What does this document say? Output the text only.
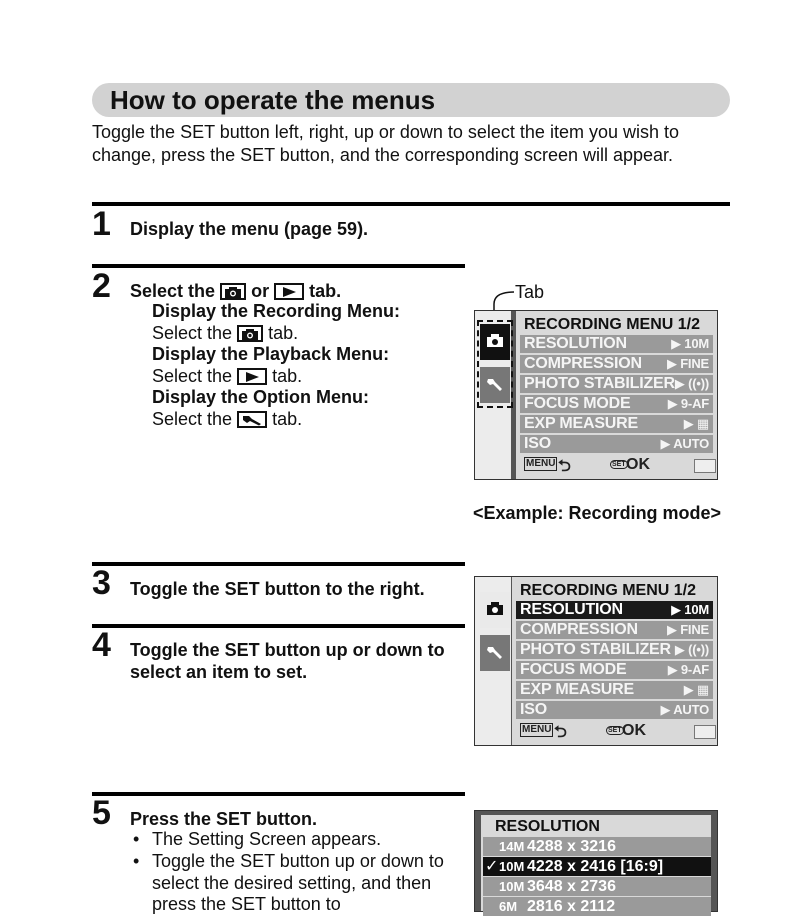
How to operate the menus
Toggle the SET button left, right, up or down to select the item you wish to change, press the SET button, and the corresponding screen will appear.
1 Display the menu (page 59).
2 Select the or tab.
Display the Recording Menu:
Select the tab.
Display the Playback Menu:
Select the tab.
Display the Option Menu:
Select the tab.
Tab
RECORDING MENU 1/2
RESOLUTION	▶ 10M
COMPRESSION ▶ FINE
PHOTO STABILIZER ▶ ((•))
FOCUS MODE	▶ 9-AF
EXP MEASURE	▶ ▦
ISO	▶ AUTO
MENU ⮌	SET OK
<Example: Recording mode>
3 Toggle the SET button to the right.
4 Toggle the SET button up or down to select an item to set.
RECORDING MENU 1/2
RESOLUTION	▶ 10M
COMPRESSION ▶ FINE
PHOTO STABILIZER ▶ ((•))
FOCUS MODE	▶ 9-AF
EXP MEASURE	▶ ▦
ISO	▶ AUTO
MENU ⮌	SET OK
5 Press the SET button.
• The Setting Screen appears.
• Toggle the SET button up or down to select the desired setting, and then press the SET button to
RESOLUTION
14M 4288 x 3216
✓ 10M 4228 x 2416 [16:9]
10M 3648 x 2736
6M 2816 x 2112
